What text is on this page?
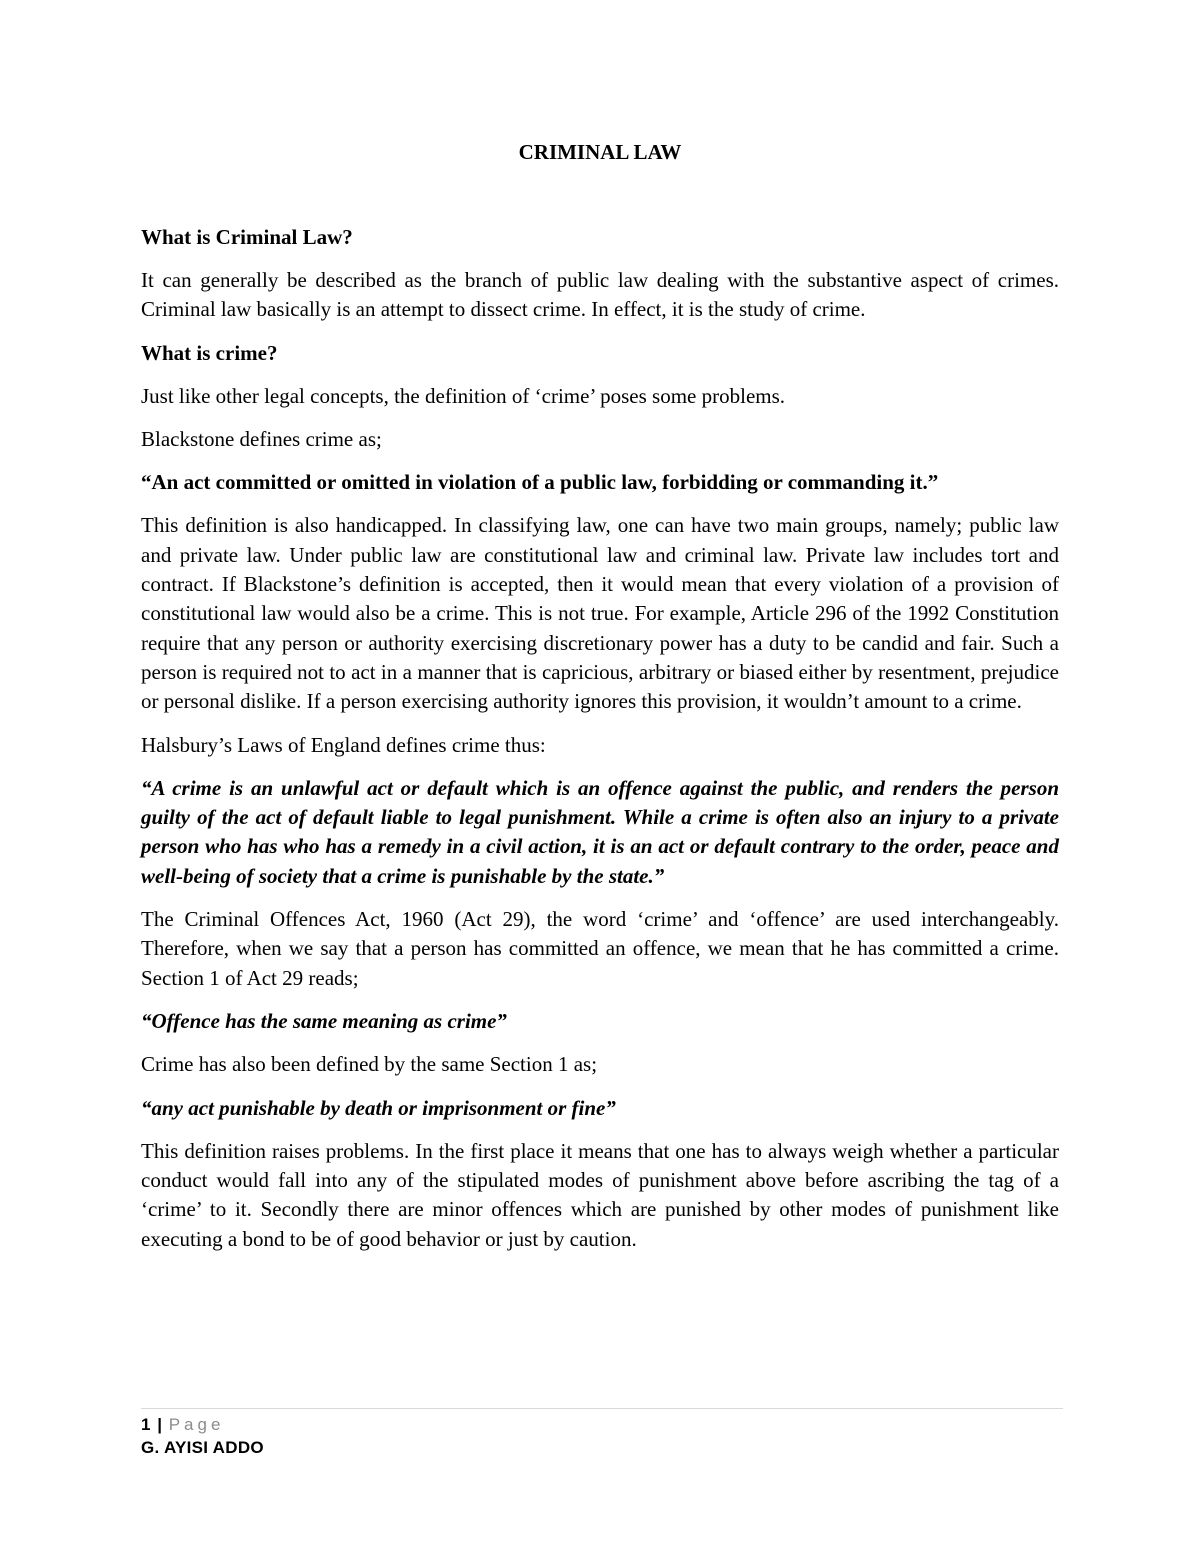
CRIMINAL LAW
What is Criminal Law?
It can generally be described as the branch of public law dealing with the substantive aspect of crimes. Criminal law basically is an attempt to dissect crime. In effect, it is the study of crime.
What is crime?
Just like other legal concepts, the definition of ‘crime’ poses some problems.
Blackstone defines crime as;
“An act committed or omitted in violation of a public law, forbidding or commanding it.”
This definition is also handicapped. In classifying law, one can have two main groups, namely; public law and private law. Under public law are constitutional law and criminal law. Private law includes tort and contract. If Blackstone’s definition is accepted, then it would mean that every violation of a provision of constitutional law would also be a crime. This is not true. For example, Article 296 of the 1992 Constitution require that any person or authority exercising discretionary power has a duty to be candid and fair. Such a person is required not to act in a manner that is capricious, arbitrary or biased either by resentment, prejudice or personal dislike. If a person exercising authority ignores this provision, it wouldn’t amount to a crime.
Halsbury’s Laws of England defines crime thus:
“A crime is an unlawful act or default which is an offence against the public, and renders the person guilty of the act of default liable to legal punishment. While a crime is often also an injury to a private person who has who has a remedy in a civil action, it is an act or default contrary to the order, peace and well-being of society that a crime is punishable by the state.”
The Criminal Offences Act, 1960 (Act 29), the word ‘crime’ and ‘offence’ are used interchangeably. Therefore, when we say that a person has committed an offence, we mean that he has committed a crime. Section 1 of Act 29 reads;
“Offence has the same meaning as crime”
Crime has also been defined by the same Section 1 as;
“any act punishable by death or imprisonment or fine”
This definition raises problems. In the first place it means that one has to always weigh whether a particular conduct would fall into any of the stipulated modes of punishment above before ascribing the tag of a ‘crime’ to it. Secondly there are minor offences which are punished by other modes of punishment like executing a bond to be of good behavior or just by caution.
1 | Page
G. AYISI ADDO
